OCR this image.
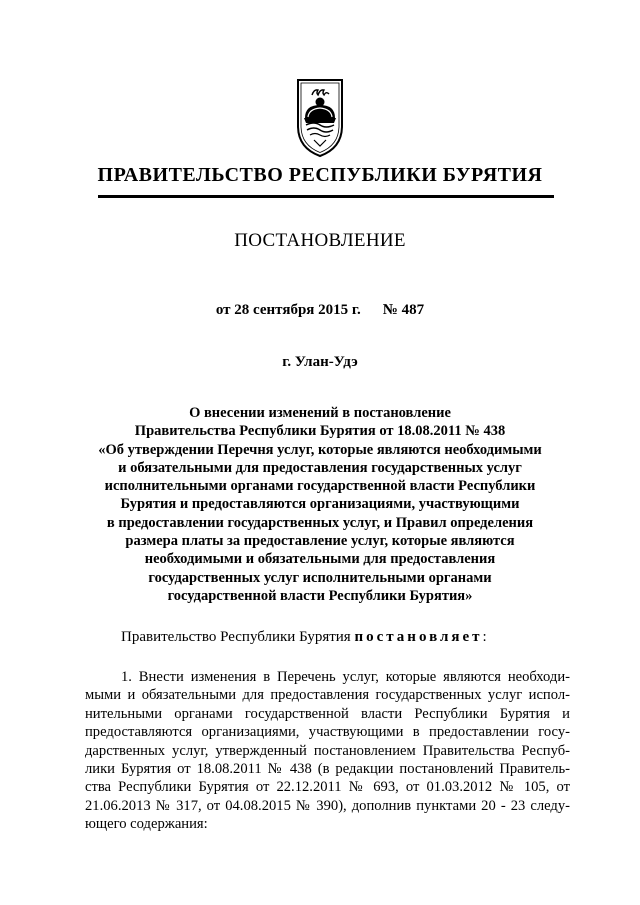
ПРАВИТЕЛЬСТВО РЕСПУБЛИКИ БУРЯТИЯ
ПОСТАНОВЛЕНИЕ
от 28 сентября 2015 г. № 487
г. Улан-Удэ
О внесении изменений в постановление
Правительства Республики Бурятия от 18.08.2011 № 438
«Об утверждении Перечня услуг, которые являются необходимыми
и обязательными для предоставления государственных услуг
исполнительными органами государственной власти Республики
Бурятия и предоставляются организациями, участвующими
в предоставлении государственных услуг, и Правил определения
размера платы за предоставление услуг, которые являются
необходимыми и обязательными для предоставления
государственных услуг исполнительными органами
государственной власти Республики Бурятия»
Правительство Республики Бурятия постановляет:
1. Внести изменения в Перечень услуг, которые являются необходи-
мыми и обязательными для предоставления государственных услуг испол-
нительными органами государственной власти Республики Бурятия и
предоставляются организациями, участвующими в предоставлении госу-
дарственных услуг, утвержденный постановлением Правительства Респуб-
лики Бурятия от 18.08.2011 № 438 (в редакции постановлений Правитель-
ства Республики Бурятия от 22.12.2011 № 693, от 01.03.2012 № 105, от
21.06.2013 № 317, от 04.08.2015 № 390), дополнив пунктами 20 - 23 следу-
ющего содержания:
